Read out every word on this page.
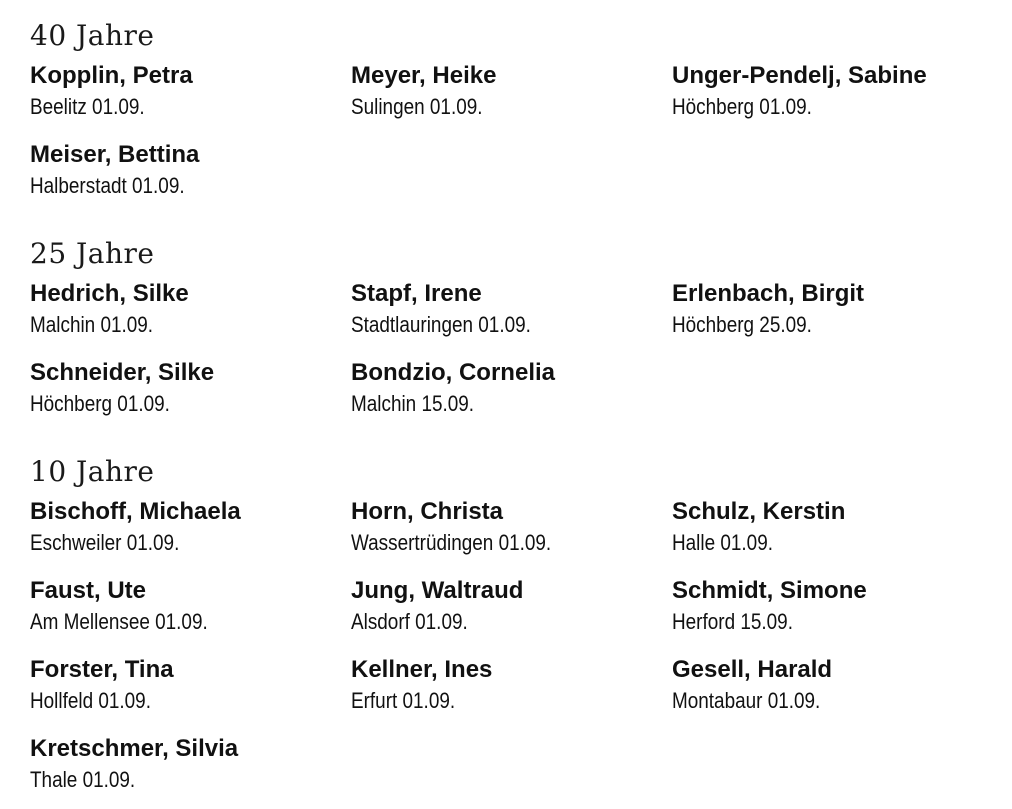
40 Jahre
Kopplin, Petra
Beelitz 01.09.
Meyer, Heike
Sulingen 01.09.
Unger-Pendelj, Sabine
Höchberg 01.09.
Meiser, Bettina
Halberstadt 01.09.
25 Jahre
Hedrich, Silke
Malchin 01.09.
Stapf, Irene
Stadtlauringen 01.09.
Erlenbach, Birgit
Höchberg 25.09.
Schneider, Silke
Höchberg 01.09.
Bondzio, Cornelia
Malchin 15.09.
10 Jahre
Bischoff, Michaela
Eschweiler 01.09.
Horn, Christa
Wassertrüdingen 01.09.
Schulz, Kerstin
Halle 01.09.
Faust, Ute
Am Mellensee 01.09.
Jung, Waltraud
Alsdorf 01.09.
Schmidt, Simone
Herford 15.09.
Forster, Tina
Hollfeld 01.09.
Kellner, Ines
Erfurt 01.09.
Gesell, Harald
Montabaur 01.09.
Kretschmer, Silvia
Thale 01.09.
